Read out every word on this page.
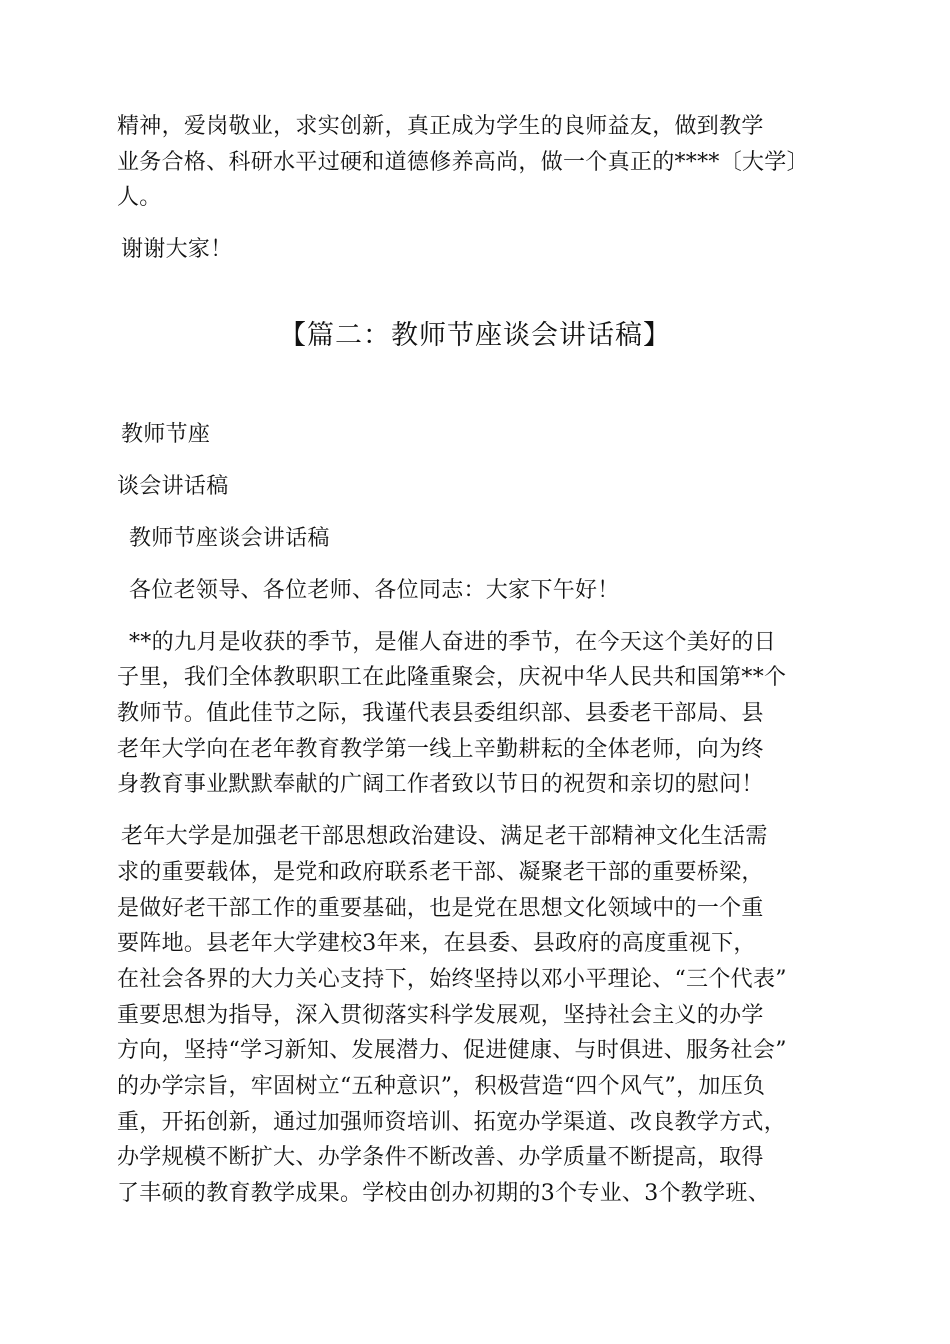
精神，爱岗敬业，求实创新，真正成为学生的良师益友，做到教学
业务合格、科研水平过硬和道德修养高尚，做一个真正的****〔大学〕
人。
谢谢大家！
【篇二：教师节座谈会讲话稿】
教师节座
谈会讲话稿
教师节座谈会讲话稿
各位老领导、各位老师、各位同志：大家下午好！
**的九月是收获的季节，是催人奋进的季节，在今天这个美好的日
子里，我们全体教职职工在此隆重聚会，庆祝中华人民共和国第**个
教师节。值此佳节之际，我谨代表县委组织部、县委老干部局、县
老年大学向在老年教育教学第一线上辛勤耕耘的全体老师，向为终
身教育事业默默奉献的广阔工作者致以节日的祝贺和亲切的慰问！
老年大学是加强老干部思想政治建设、满足老干部精神文化生活需
求的重要载体，是党和政府联系老干部、凝聚老干部的重要桥梁，
是做好老干部工作的重要基础，也是党在思想文化领域中的一个重
要阵地。县老年大学建校3年来，在县委、县政府的高度重视下，
在社会各界的大力关心支持下，始终坚持以邓小平理论、“三个代表”
重要思想为指导，深入贯彻落实科学发展观，坚持社会主义的办学
方向，坚持“学习新知、发展潜力、促进健康、与时俱进、服务社会”
的办学宗旨，牢固树立“五种意识”，积极营造“四个风气”，加压负
重，开拓创新，通过加强师资培训、拓宽办学渠道、改良教学方式，
办学规模不断扩大、办学条件不断改善、办学质量不断提高，取得
了丰硕的教育教学成果。学校由创办初期的3个专业、3个教学班、
